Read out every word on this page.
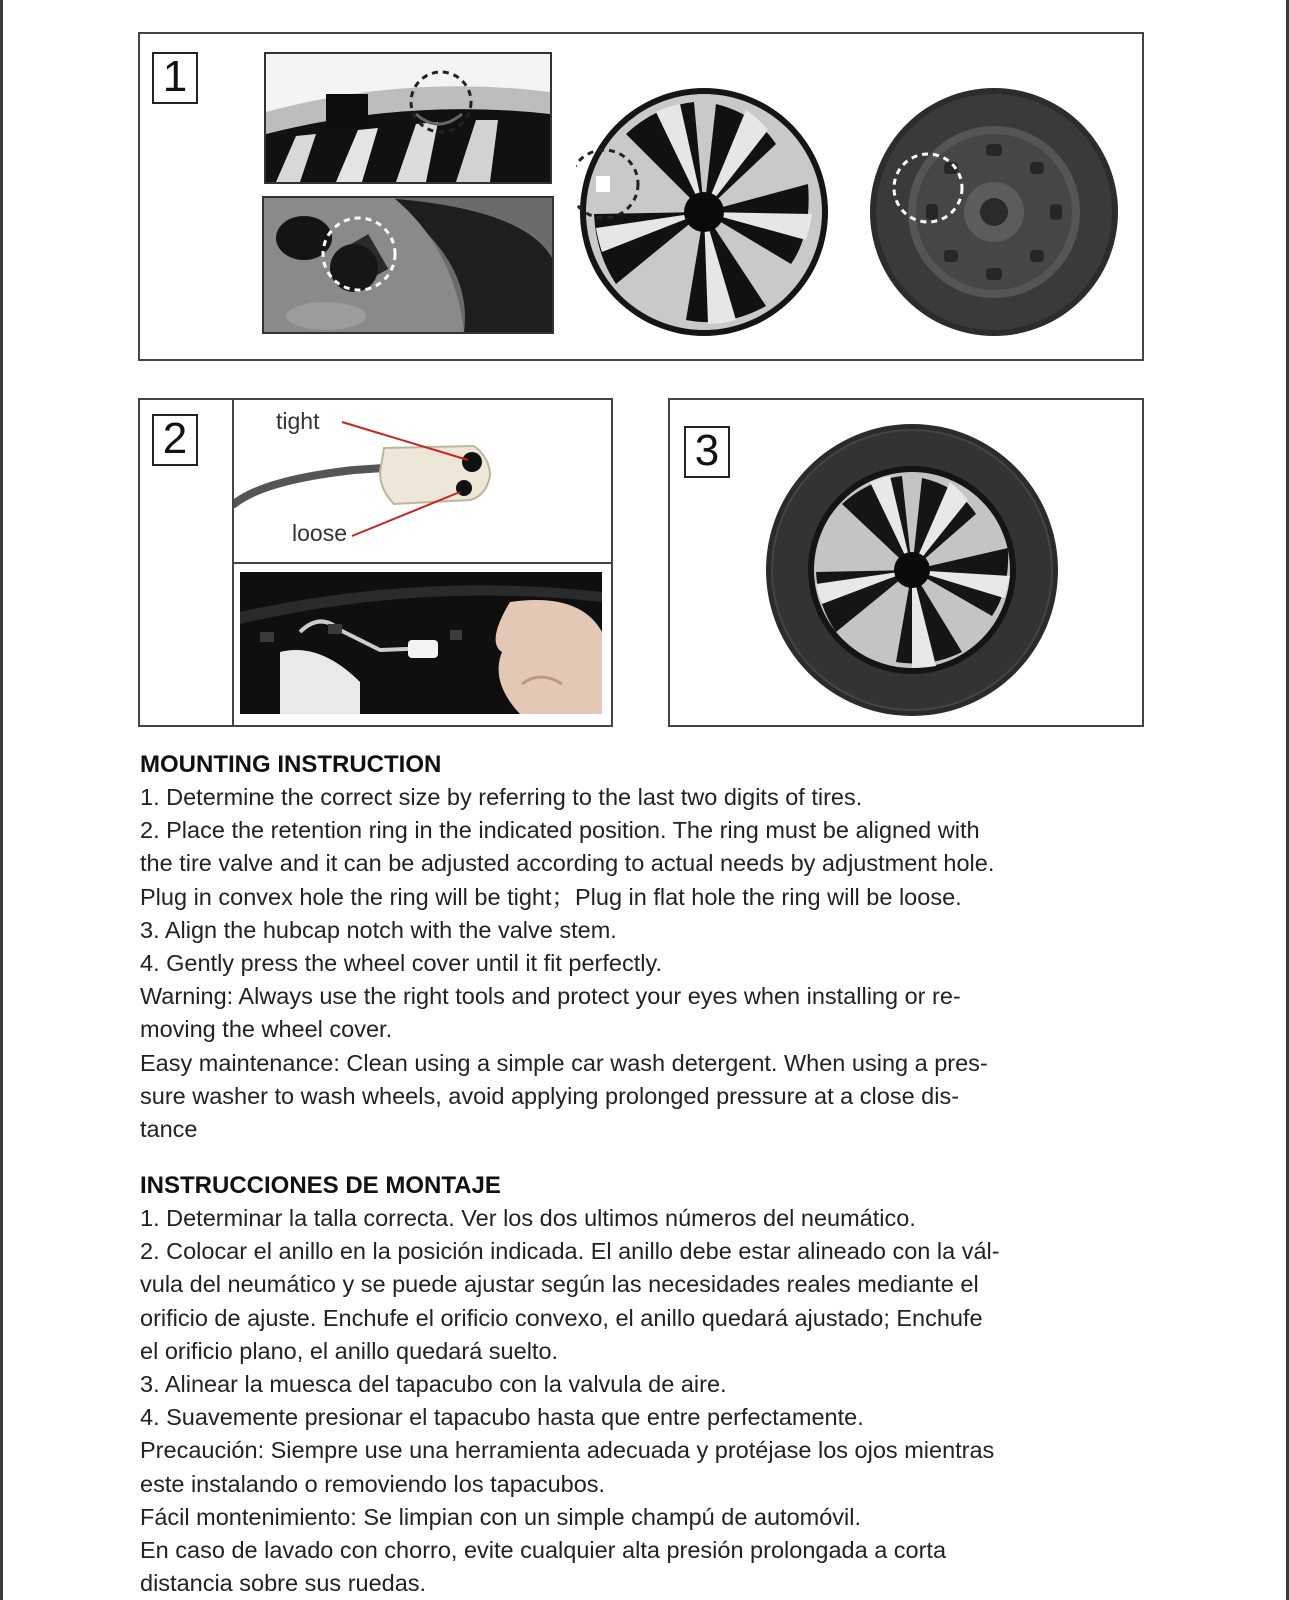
1
2	tight
loose
3
MOUNTING INSTRUCTION

1. Determine the correct size by referring to the last two digits of tires.

2. Place the retention ring in the indicated position. The ring must be aligned with

the tire valve and it can be adjusted according to actual needs by adjustment hole.

Plug in convex hole the ring will be tight；Plug in flat hole the ring will be loose.

3. Align the hubcap notch with the valve stem.

4. Gently press the wheel cover until it fit perfectly.

Warning: Always use the right tools and protect your eyes when installing or re-

moving the wheel cover.

Easy maintenance: Clean using a simple car wash detergent. When using a pres-

sure washer to wash wheels, avoid applying prolonged pressure at a close dis-

tance

INSTRUCCIONES DE MONTAJE

1. Determinar la talla correcta. Ver los dos ultimos números del neumático.

2. Colocar el anillo en la posición indicada. El anillo debe estar alineado con la vál-

vula del neumático y se puede ajustar según las necesidades reales mediante el

orificio de ajuste. Enchufe el orificio convexo, el anillo quedará ajustado; Enchufe

el orificio plano, el anillo quedará suelto.

3. Alinear la muesca del tapacubo con la valvula de aire.

4. Suavemente presionar el tapacubo hasta que entre perfectamente.

Precaución: Siempre use una herramienta adecuada y protéjase los ojos mientras

este instalando o removiendo los tapacubos.

Fácil montenimiento: Se limpian con un simple champú de automóvil.

En caso de lavado con chorro, evite cualquier alta presión prolongada a corta

distancia sobre sus ruedas.
